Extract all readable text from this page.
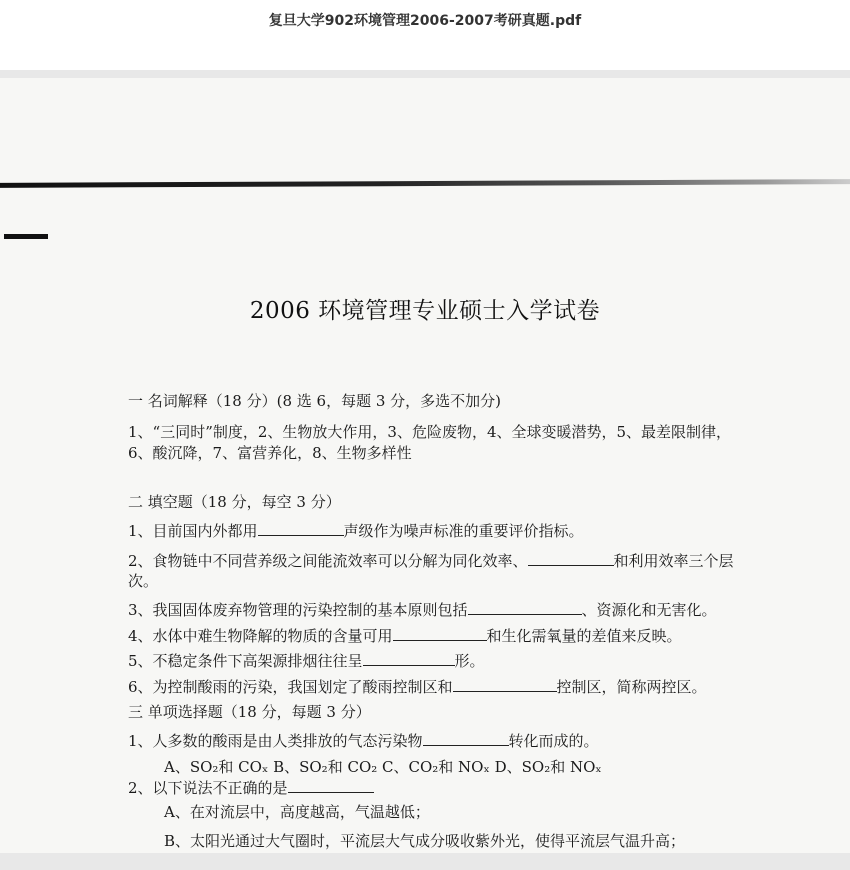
复旦大学902环境管理2006-2007考研真题.pdf
2006 环境管理专业硕士入学试卷
一 名词解释（18 分）(8 选 6，每题 3 分，多选不加分)
1、“三同时”制度，2、生物放大作用，3、危险废物，4、全球变暖潜势，5、最差限制律，
6、酸沉降，7、富营养化，8、生物多样性
二 填空题（18 分，每空 3 分）
1、目前国内外都用	声级作为噪声标准的重要评价指标。
2、食物链中不同营养级之间能流效率可以分解为同化效率、	和利用效率三个层
次。
3、我国固体废弃物管理的污染控制的基本原则包括	、资源化和无害化。
4、水体中难生物降解的物质的含量可用	和生化需氧量的差值来反映。
5、不稳定条件下高架源排烟往往呈	形。
6、为控制酸雨的污染，我国划定了酸雨控制区和	控制区，简称两控区。
三 单项选择题（18 分，每题 3 分）
1、人多数的酸雨是由人类排放的气态污染物	转化而成的。
A、SO₂和 COₓ B、SO₂和 CO₂ C、CO₂和 NOₓ D、SO₂和 NOₓ
2、以下说法不正确的是
A、在对流层中，高度越高，气温越低；
B、太阳光通过大气圈时，平流层大气成分吸收紫外光，使得平流层气温升高；
